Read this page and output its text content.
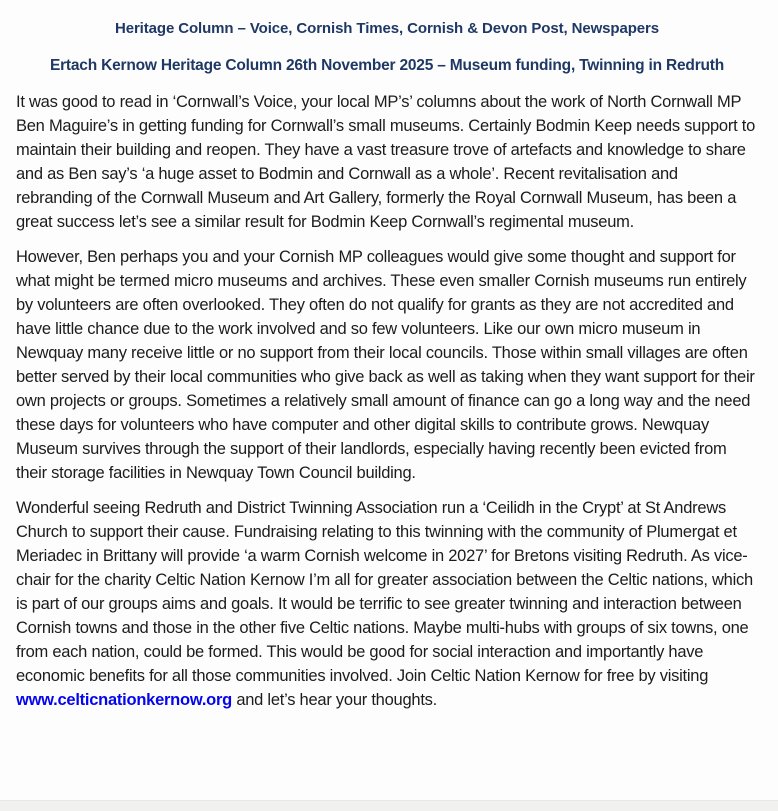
Heritage Column – Voice, Cornish Times, Cornish & Devon Post, Newspapers
Ertach Kernow Heritage Column 26th November 2025 – Museum funding, Twinning in Redruth

It was good to read in ‘Cornwall’s Voice, your local MP’s’ columns about the work of North Cornwall MP Ben Maguire’s in getting funding for Cornwall’s small museums. Certainly Bodmin Keep needs support to maintain their building and reopen. They have a vast treasure trove of artefacts and knowledge to share and as Ben say’s ‘a huge asset to Bodmin and Cornwall as a whole’. Recent revitalisation and rebranding of the Cornwall Museum and Art Gallery, formerly the Royal Cornwall Museum, has been a great success let’s see a similar result for Bodmin Keep Cornwall’s regimental museum.

However, Ben perhaps you and your Cornish MP colleagues would give some thought and support for what might be termed micro museums and archives. These even smaller Cornish museums run entirely by volunteers are often overlooked. They often do not qualify for grants as they are not accredited and have little chance due to the work involved and so few volunteers. Like our own micro museum in Newquay many receive little or no support from their local councils. Those within small villages are often better served by their local communities who give back as well as taking when they want support for their own projects or groups. Sometimes a relatively small amount of finance can go a long way and the need these days for volunteers who have computer and other digital skills to contribute grows. Newquay Museum survives through the support of their landlords, especially having recently been evicted from their storage facilities in Newquay Town Council building.

Wonderful seeing Redruth and District Twinning Association run a ‘Ceilidh in the Crypt’ at St Andrews Church to support their cause. Fundraising relating to this twinning with the community of Plumergat et Meriadec in Brittany will provide ‘a warm Cornish welcome in 2027’ for Bretons visiting Redruth. As vice-chair for the charity Celtic Nation Kernow I’m all for greater association between the Celtic nations, which is part of our groups aims and goals. It would be terrific to see greater twinning and interaction between Cornish towns and those in the other five Celtic nations. Maybe multi-hubs with groups of six towns, one from each nation, could be formed. This would be good for social interaction and importantly have economic benefits for all those communities involved. Join Celtic Nation Kernow for free by visiting www.celticnationkernow.org and let’s hear your thoughts.
